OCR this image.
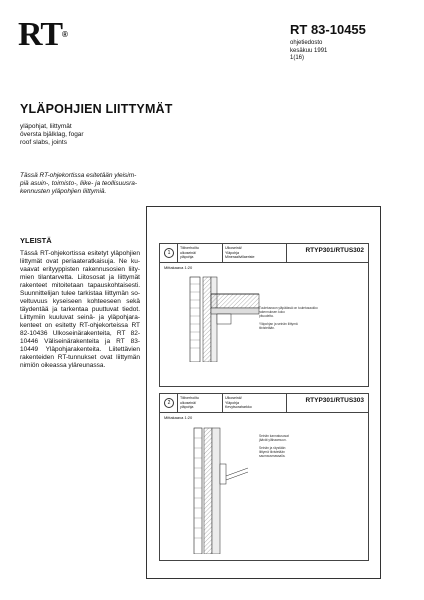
RT®	RT 83-10455
ohjetiedosto
kesäkuu 1991
1(16)
YLÄPOHJIEN LIITTYMÄT
yläpohjat, liittymät
översta bjälklag, fogar
roof slabs, joints
Tässä RT-ohjekortissa esitetään yleisim-piä asuin-, toimisto-, liike- ja teollisuusra-kennusten yläpohjien liittymiä.
YLEISTÄ
Tässä RT-ohjekortissa esitetyt yläpohjien liittymät ovat periaateratkaisuja. Ne ku-vaavat erityyppisten rakennusosien liity-mien tilantarvetta. Liitososat ja liittymät rakenteet mitoitetaan tapauskohtaisesti. Suunnittelijan tulee tarkistaa liittymän so-veltuvuus kyseiseen kohteeseen sekä täydentää ja tarkentaa puuttuvat tiedot. Liittymiin kuuluvat seinä- ja yläpohjara-kenteet on esitetty RT-ohjekorteissa RT 82-10436 Ulkoseinärakenteita, RT 82-10446 Väliseinärakenteita ja RT 83-10449 Yläpohjarakenteita. Liitettävien rakenteiden RT-tunnukset ovat liittymän nimiön oikeassa yläreunassa.
1
Tiiliverhoiltu
ulkoseinä/
yläpohja
Ulkoseinä/
Yläpohja
Mineraalivillaeriste
RTYP301/RTUS302
Mittakaava 1:20
Tuuletusraon yläpäässä on tuuletusaukko
rakennuksen koko
pituudelta.

Yläpohjan ja seinän liittymä
tiivistetään.
2
Tiiliverhoiltu
ulkoseinä/
yläpohja
Ulkoseinä/
Yläpohja
Kevytsoraharkko
RTYP301/RTUS303
Mittakaava 1:20
Seinän kannatusosat
jäävät ylähaamuun.

Seinän ja räystään
liittymä tiivistetään
saumausmassalla.
